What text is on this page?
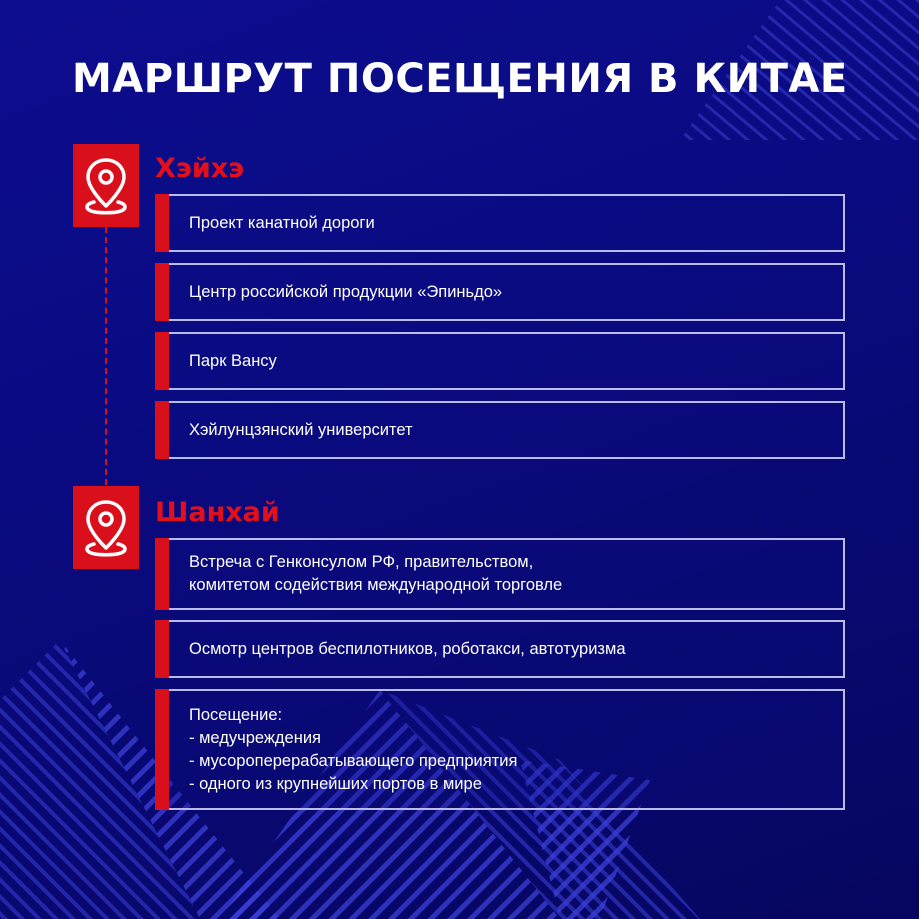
МАРШРУТ ПОСЕЩЕНИЯ В КИТАЕ
Хэйхэ
Проект канатной дороги
Центр российской продукции «Эпиньдо»
Парк Вансу
Хэйлунцзянский университет
Шанхай
Встреча с Генконсулом РФ, правительством,
комитетом содействия международной торговле
Осмотр центров беспилотников, роботакси, автотуризма
Посещение:
- медучреждения
- мусороперерабатывающего предприятия
- одного из крупнейших портов в мире
